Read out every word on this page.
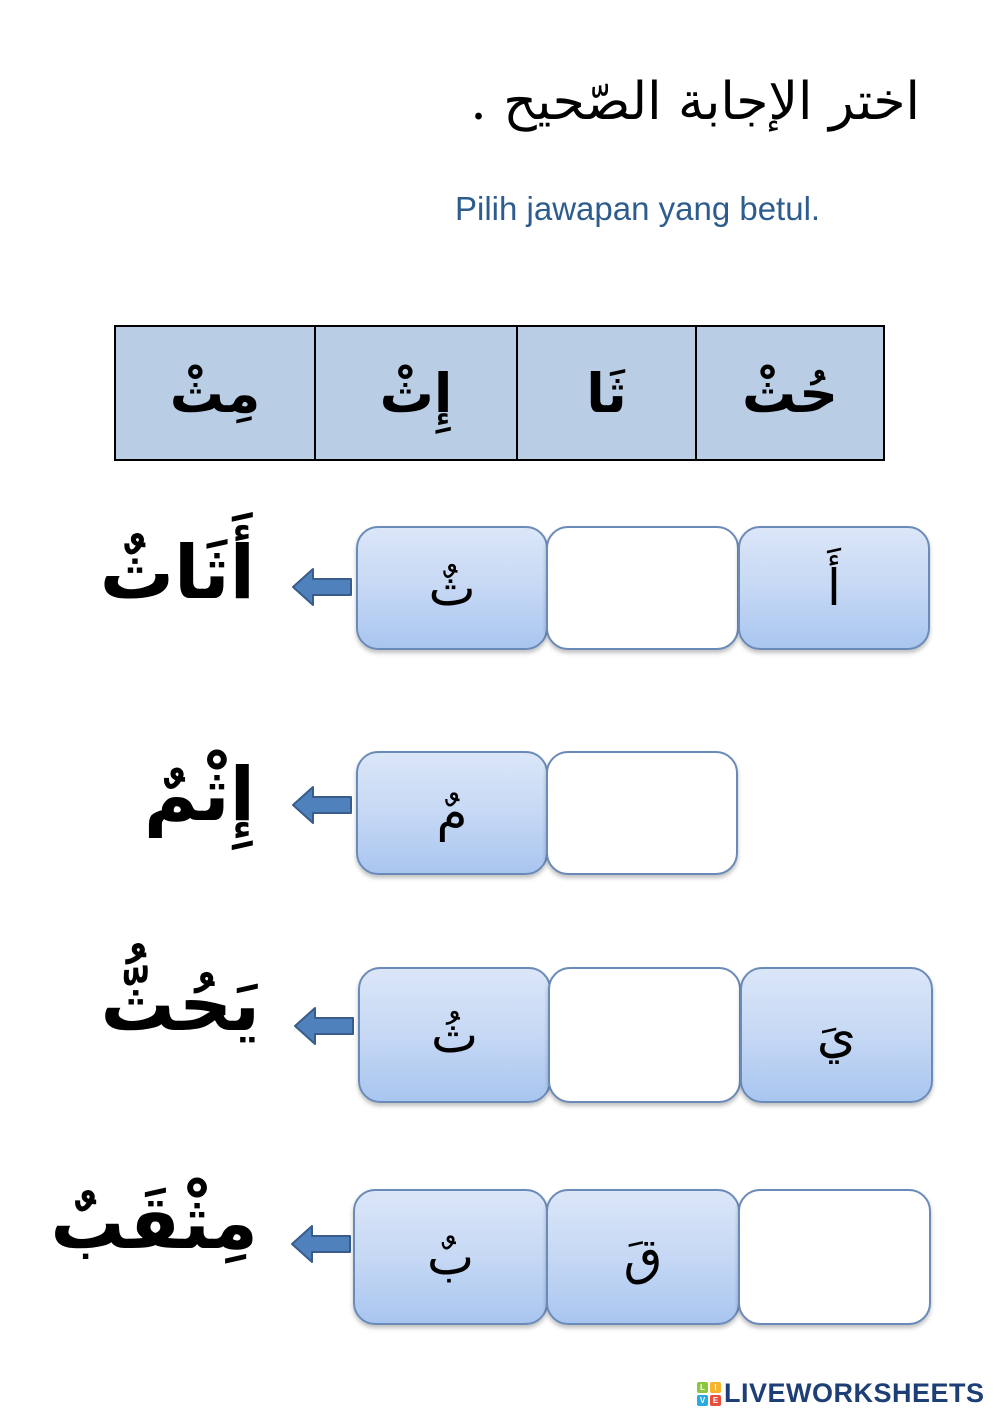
اختر الإجابة الصّحيح .
Pilih jawapan yang betul.
مِثْ	إِثْ	ثَا	حُثْ
أَثَاثٌ	ثٌ	أَ
إِثْمٌ	مٌ
يَحُثُّ	ثُ	يَ
مِثْقَبٌ	بٌ	قَ
L	I
V E LIVEWORKSHEETS
